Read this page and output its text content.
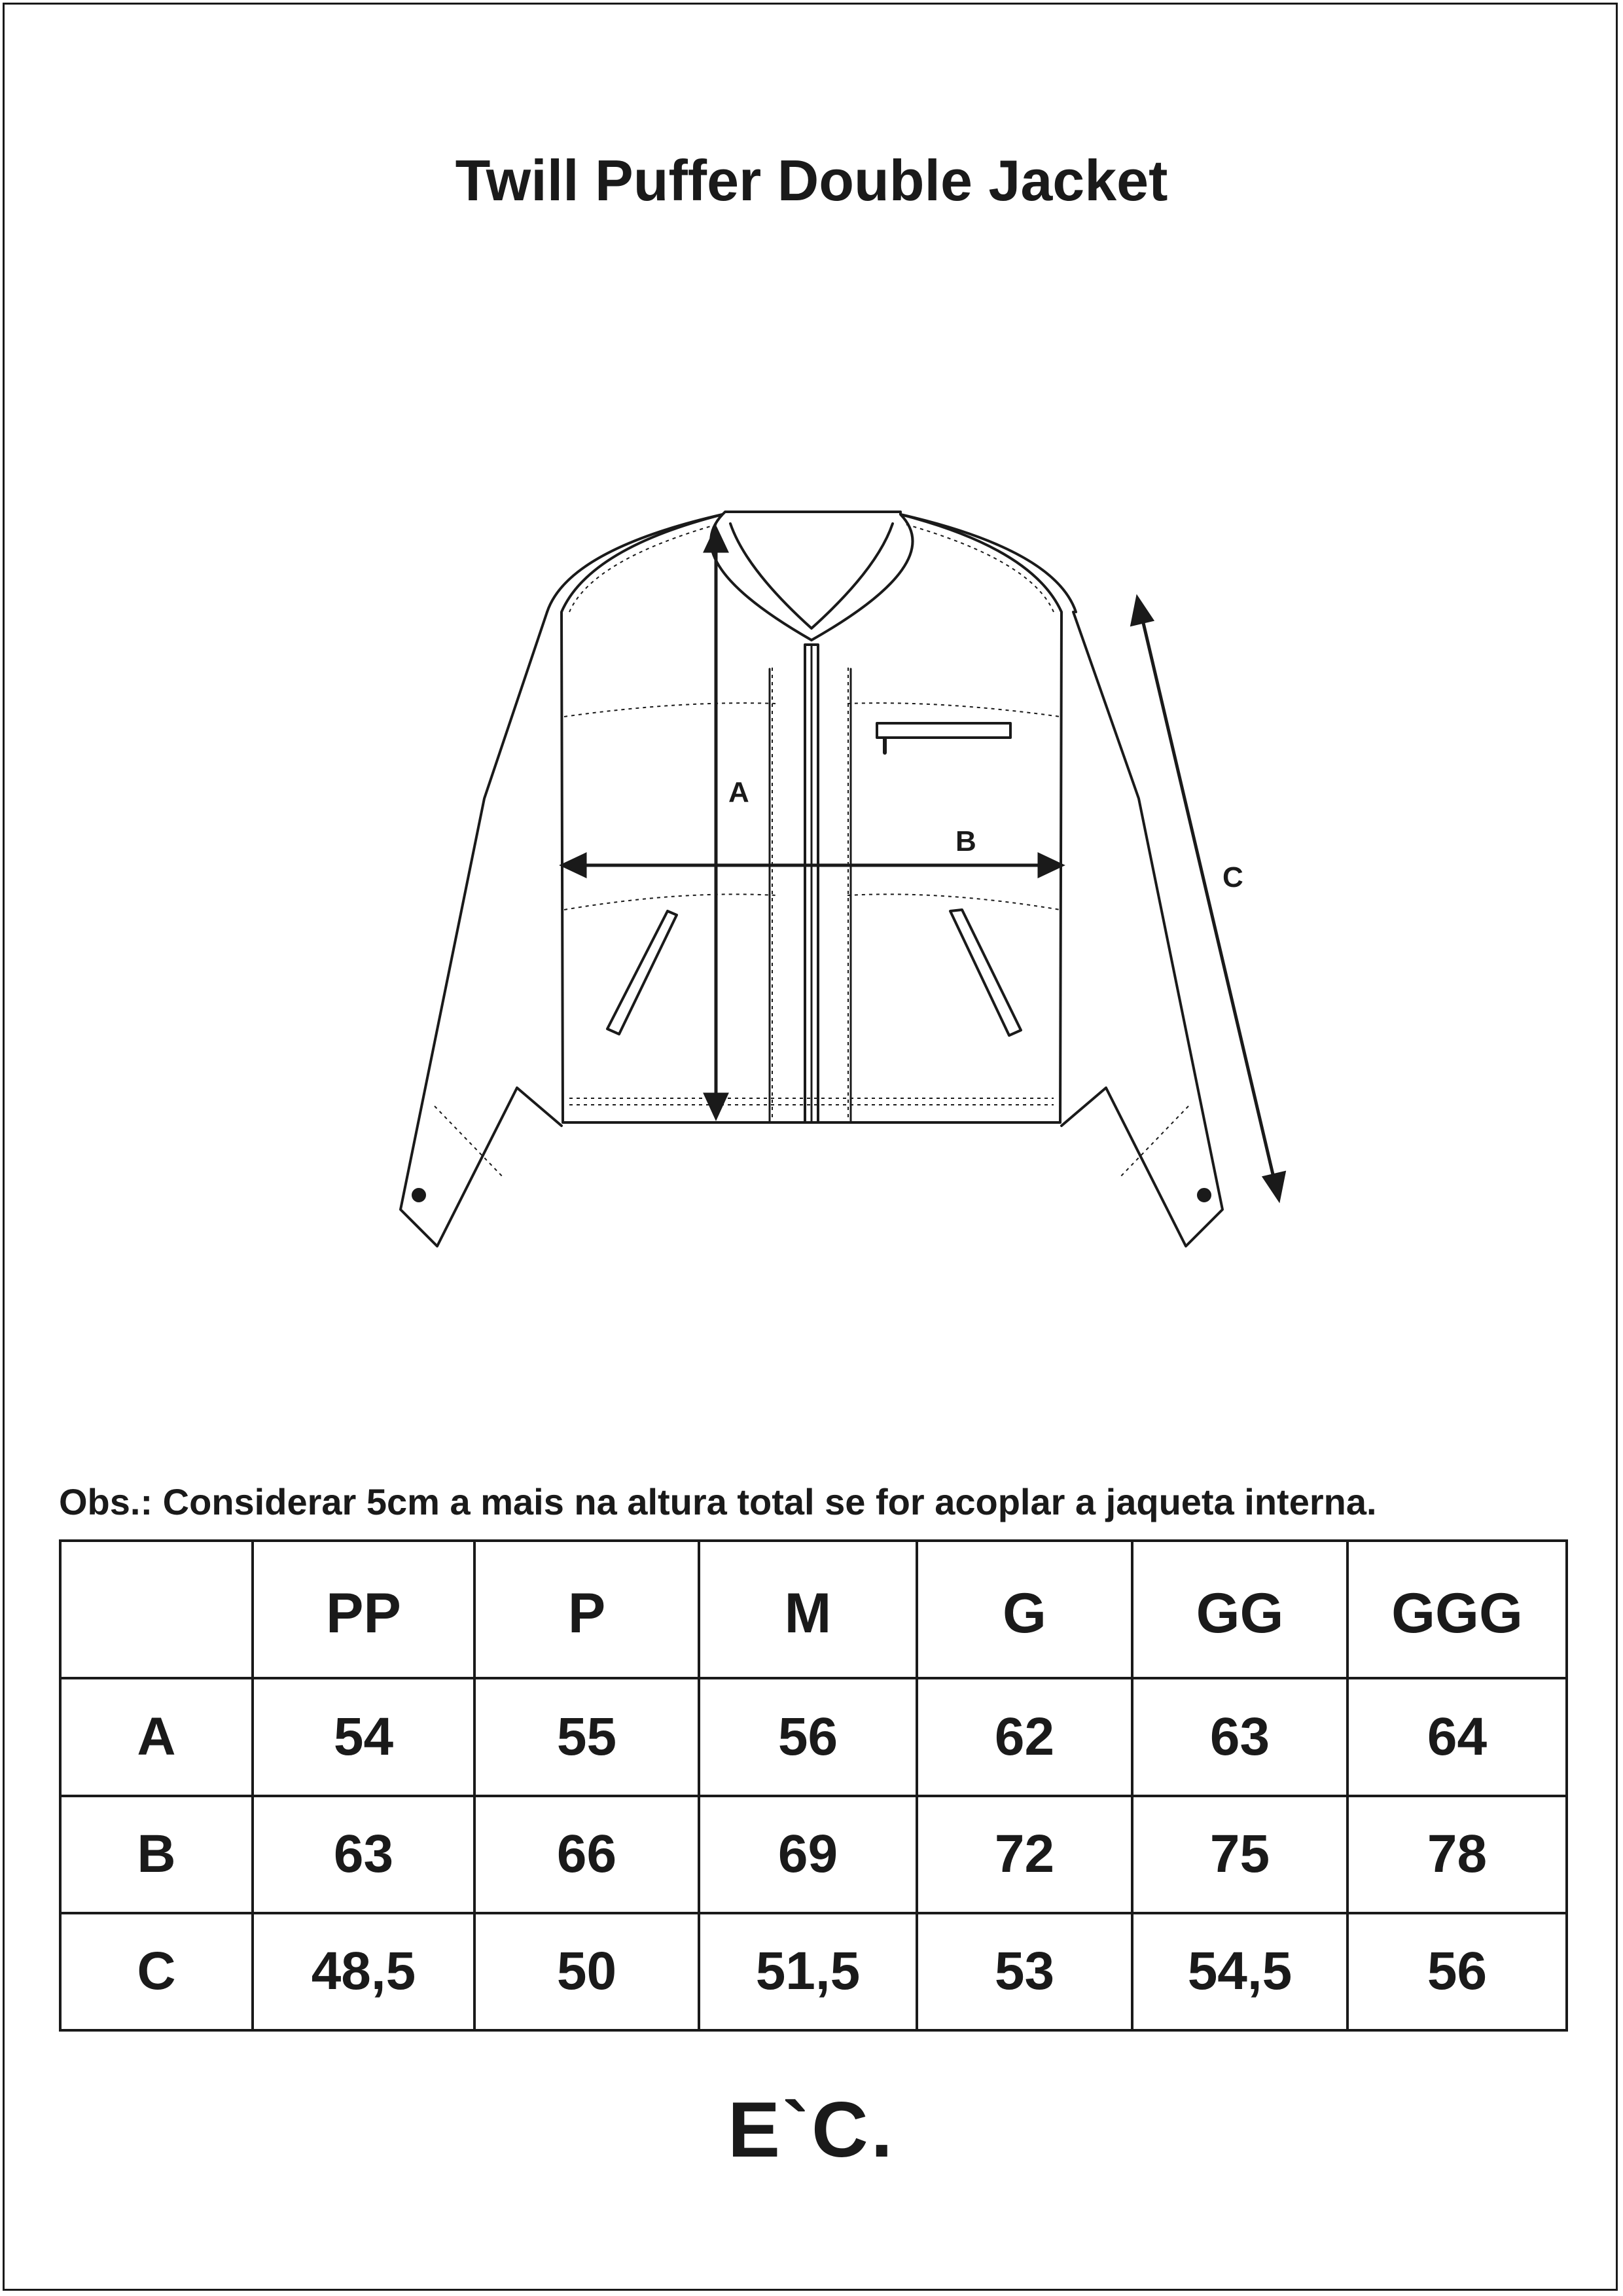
Twill Puffer Double Jacket
A
B
C
Obs.: Considerar 5cm a mais na altura total se for acoplar a jaqueta interna.
	PP	P	M	G	GG	GGG
A	54	55	56	62	63	64
B	63	66	69	72	75	78
C	48,5	50	51,5	53	54,5	56
E`C.
